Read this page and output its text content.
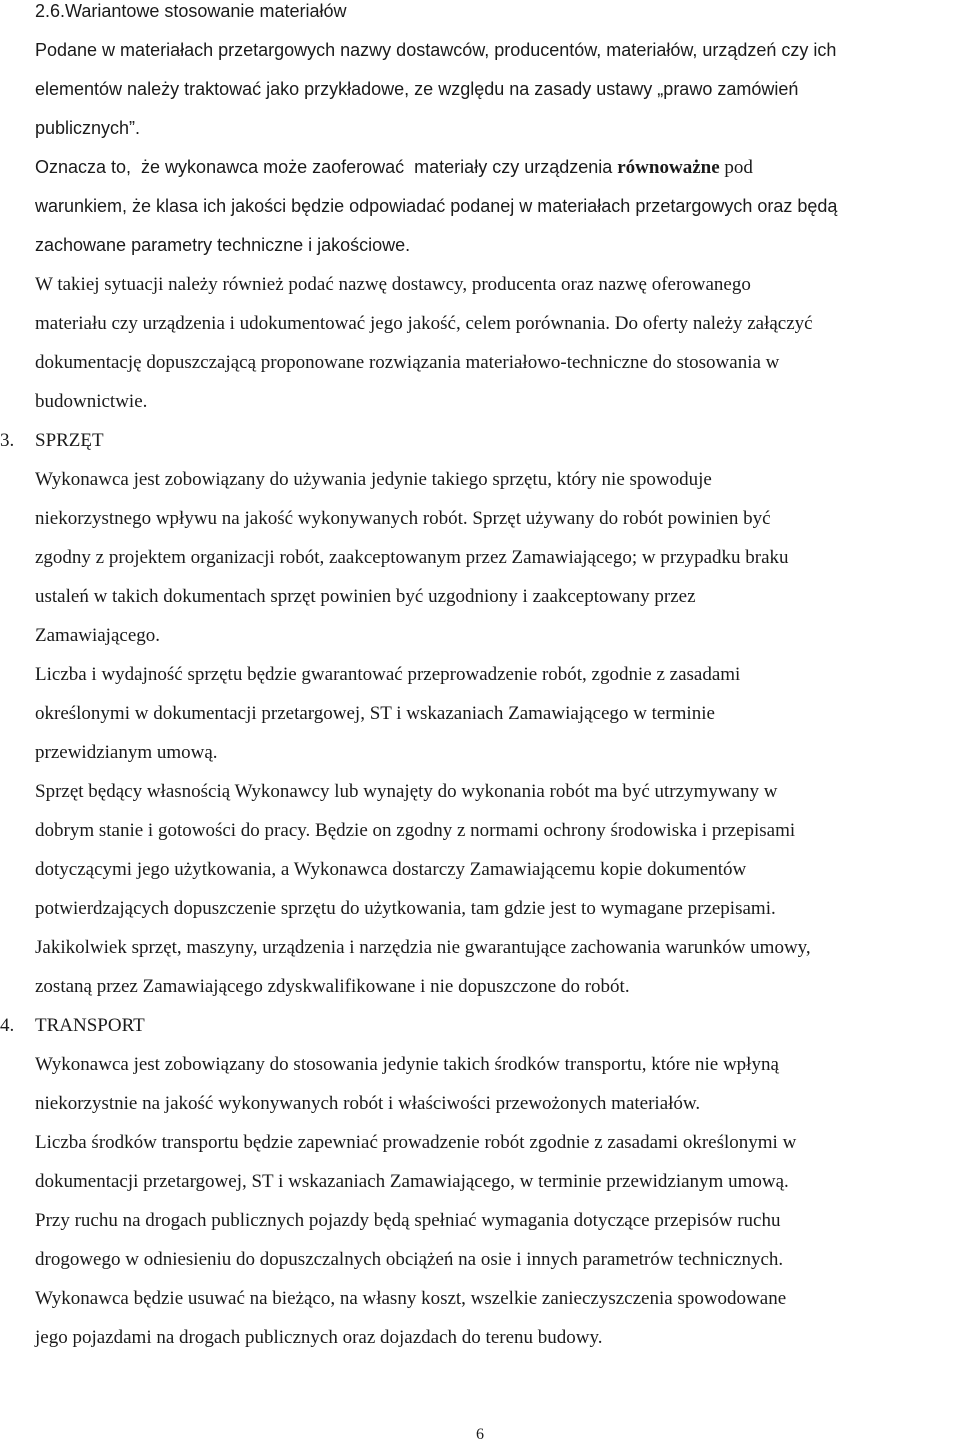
2.6.Wariantowe stosowanie materiałów
Podane w materiałach przetargowych nazwy dostawców, producentów, materiałów, urządzeń czy ich
elementów należy traktować jako przykładowe, ze względu na zasady ustawy „prawo zamówień
publicznych”.
Oznacza to,  że wykonawca może zaoferować  materiały czy urządzenia równoważne pod
warunkiem, że klasa ich jakości będzie odpowiadać podanej w materiałach przetargowych oraz będą
zachowane parametry techniczne i jakościowe.
W takiej sytuacji należy również podać nazwę dostawcy, producenta oraz nazwę oferowanego
materiału czy urządzenia i udokumentować jego jakość, celem porównania. Do oferty należy załączyć
dokumentację dopuszczającą proponowane rozwiązania materiałowo-techniczne do stosowania w
budownictwie.
3. SPRZĘT
Wykonawca jest zobowiązany do używania jedynie takiego sprzętu, który nie spowoduje
niekorzystnego wpływu na jakość wykonywanych robót. Sprzęt używany do robót powinien być
zgodny z projektem organizacji robót, zaakceptowanym przez Zamawiającego; w przypadku braku
ustaleń w takich dokumentach sprzęt powinien być uzgodniony i zaakceptowany przez
Zamawiającego.
Liczba i wydajność sprzętu będzie gwarantować przeprowadzenie robót, zgodnie z zasadami
określonymi w dokumentacji przetargowej, ST i wskazaniach Zamawiającego w terminie
przewidzianym umową.
Sprzęt będący własnością Wykonawcy lub wynajęty do wykonania robót ma być utrzymywany w
dobrym stanie i gotowości do pracy. Będzie on zgodny z normami ochrony środowiska i przepisami
dotyczącymi jego użytkowania, a Wykonawca dostarczy Zamawiającemu kopie dokumentów
potwierdzających dopuszczenie sprzętu do użytkowania, tam gdzie jest to wymagane przepisami.
Jakikolwiek sprzęt, maszyny, urządzenia i narzędzia nie gwarantujące zachowania warunków umowy,
zostaną przez Zamawiającego zdyskwalifikowane i nie dopuszczone do robót.
4. TRANSPORT
Wykonawca jest zobowiązany do stosowania jedynie takich środków transportu, które nie wpłyną
niekorzystnie na jakość wykonywanych robót i właściwości przewożonych materiałów.
Liczba środków transportu będzie zapewniać prowadzenie robót zgodnie z zasadami określonymi w
dokumentacji przetargowej, ST i wskazaniach Zamawiającego, w terminie przewidzianym umową.
Przy ruchu na drogach publicznych pojazdy będą spełniać wymagania dotyczące przepisów ruchu
drogowego w odniesieniu do dopuszczalnych obciążeń na osie i innych parametrów technicznych.
Wykonawca będzie usuwać na bieżąco, na własny koszt, wszelkie zanieczyszczenia spowodowane
jego pojazdami na drogach publicznych oraz dojazdach do terenu budowy.
6
